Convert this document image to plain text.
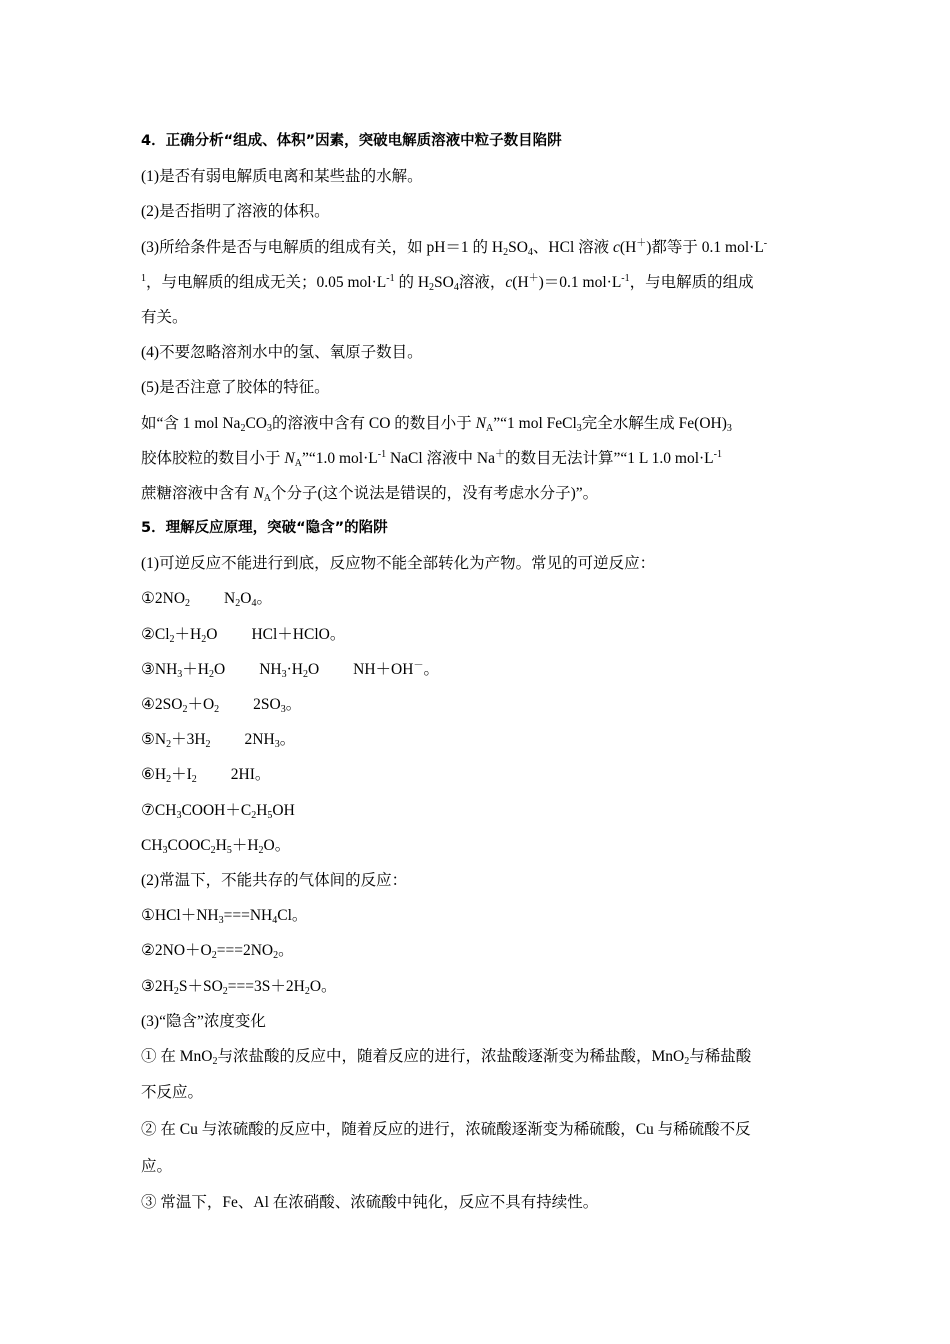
4．正确分析“组成、体积”因素，突破电解质溶液中粒子数目陷阱
(1)是否有弱电解质电离和某些盐的水解。
(2)是否指明了溶液的体积。
(3)所给条件是否与电解质的组成有关，如 pH＝1 的 $H_2SO_4$、HCl 溶液 c(H＋)都等于 0.1 mol·L-
$^1$，与电解质的组成无关；0.05 $mol\cdot L^{-1}$ 的 $H_2SO_4$溶液，c(H＋)＝0.1 $mol\cdot L^{-1}$，与电解质的组成
有关。
(4)不要忽略溶剂水中的氢、氧原子数目。
(5)是否注意了胶体的特征。
如“含 1 mol $Na_2CO_3$的溶液中含有 CO 的数目小于 $N_A”“1$ mol FeCl$_3$完全水解生成 $Fe(OH)_3$
胶体胶粒的数目小于 $N_A”“1.0$ $mol\cdot L^{-1}$ NaCl 溶液中 Na＋的数目无法计算”“1 L 1.0 $mol\cdot L^{-1}$
蔗糖溶液中含有 $N_A$个分子(这个说法是错误的，没有考虑水分子)”。
5．理解反应原理，突破“隐含”的陷阱
(1)可逆反应不能进行到底，反应物不能全部转化为产物。常见的可逆反应：
$①2NO_2$ $N_2O_4$。
$②Cl_2+H_2O$ HCl＋HClO。
$③NH_3+H_2O$ $NH_3\cdot H_2O$ NH＋OH－。
$④2SO_2+O_2$ $2SO_3$。
$⑤N_2+3H_2$ $2NH_3$。
$⑥H_2+I_2$ 2HI。
$⑦CH_3COOH+C_2H_5OH$
$CH_3COOC_2H_5+H_2O$。
(2)常温下，不能共存的气体间的反应：
$①HCl+NH_3===NH_4Cl$。
$②2NO+O_2===2NO_2$。
$③2H_2S+SO_2===3S+2H_2O$。
(3)“隐含”浓度变化
① 在 MnO$_2$与浓盐酸的反应中，随着反应的进行，浓盐酸逐渐变为稀盐酸，MnO$_2$与稀盐酸
不反应。
② 在 Cu 与浓硫酸的反应中，随着反应的进行，浓硫酸逐渐变为稀硫酸，Cu 与稀硫酸不反
应。
③ 常温下，Fe、Al 在浓硝酸、浓硫酸中钝化，反应不具有持续性。
